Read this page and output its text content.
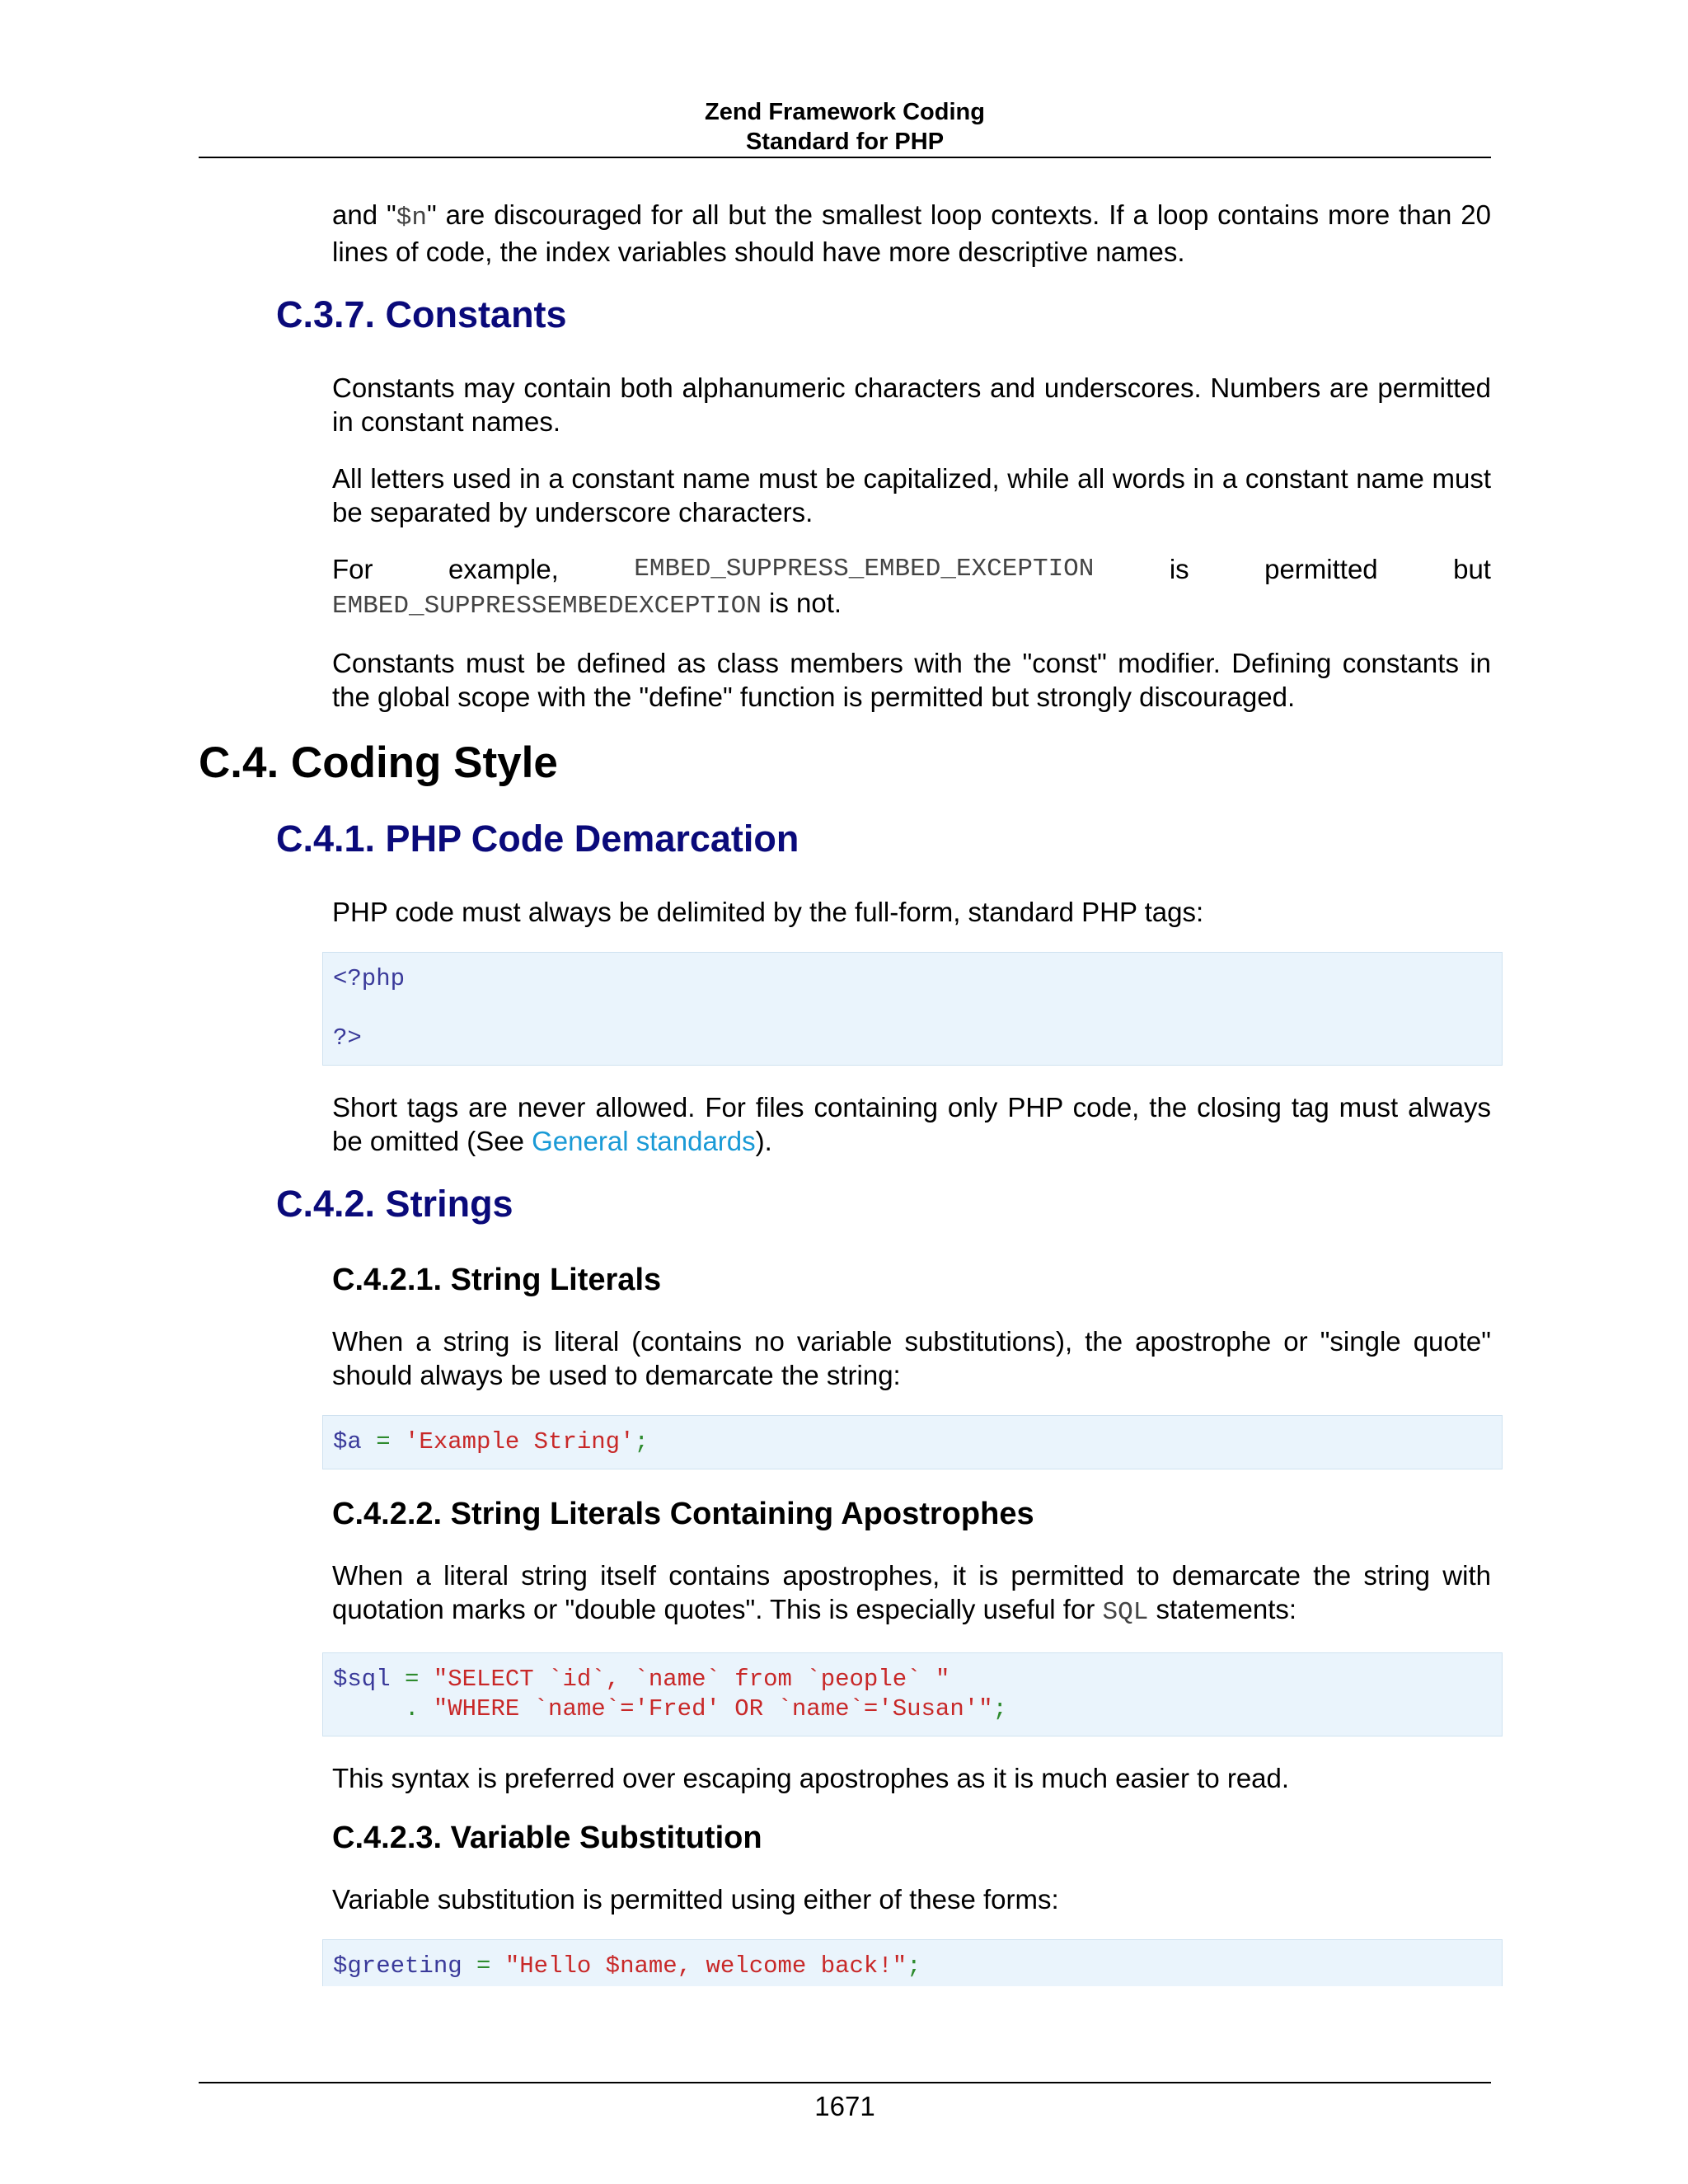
Zend Framework Coding
Standard for PHP

and "$n" are discouraged for all but the smallest loop contexts. If a loop contains more than 20 lines of code, the index variables should have more descriptive names.

C.3.7. Constants

Constants may contain both alphanumeric characters and underscores. Numbers are permitted in constant names.

All letters used in a constant name must be capitalized, while all words in a constant name must be separated by underscore characters.

For	example,	EMBED_SUPPRESS_EMBED_EXCEPTION	is	permitted	but

EMBED_SUPPRESSEMBEDEXCEPTION is not.

Constants must be defined as class members with the "const" modifier. Defining constants in the global scope with the "define" function is permitted but strongly discouraged.

C.4. Coding Style
C.4.1. PHP Code Demarcation

PHP code must always be delimited by the full-form, standard PHP tags:

<?php

?>

Short tags are never allowed. For files containing only PHP code, the closing tag must always be omitted (See General standards).

C.4.2. Strings
C.4.2.1. String Literals

When a string is literal (contains no variable substitutions), the apostrophe or "single quote" should always be used to demarcate the string:

$a = 'Example String';
C.4.2.2. String Literals Containing Apostrophes

When a literal string itself contains apostrophes, it is permitted to demarcate the string with quotation marks or "double quotes". This is especially useful for SQL statements:

$sql = "SELECT `id`, `name` from `people` "
. "WHERE `name`='Fred' OR `name`='Susan'";

This syntax is preferred over escaping apostrophes as it is much easier to read.

C.4.2.3. Variable Substitution

Variable substitution is permitted using either of these forms:

$greeting = "Hello $name, welcome back!";
1671
